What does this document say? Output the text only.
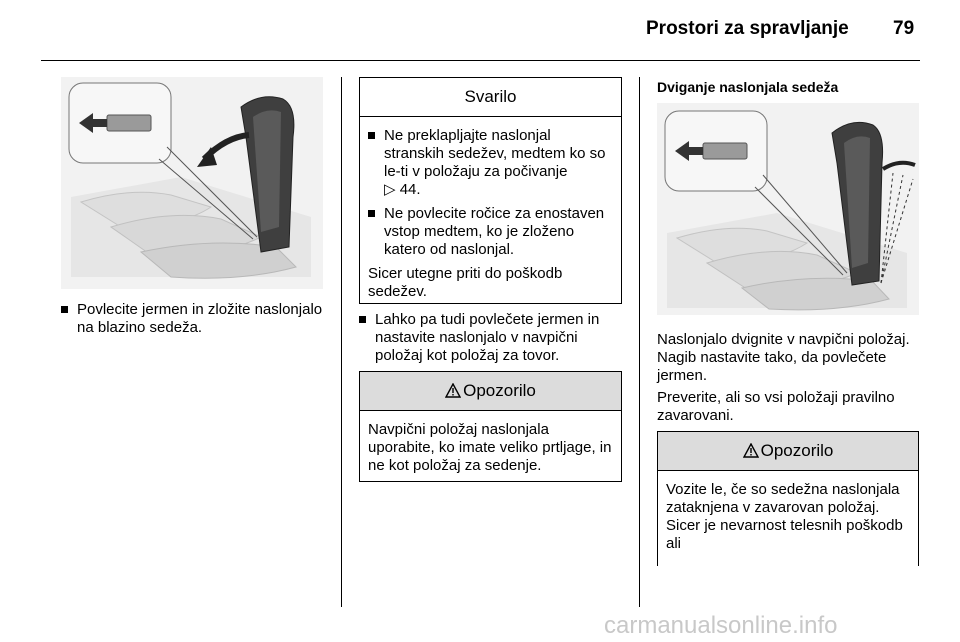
Prostori za spravljanje 79
Povlecite jermen in zložite naslonjalo na blazino sedeža.
Svarilo
Ne preklapljajte naslonjal stranskih sedežev, medtem ko so le-ti v položaju za počivanje
▷ 44.
Ne povlecite ročice za enostaven vstop medtem, ko je zloženo katero od naslonjal.
Sicer utegne priti do poškodb sedežev.
Lahko pa tudi povlečete jermen in nastavite naslonjalo v navpični položaj kot položaj za tovor.
Opozorilo
Navpični položaj naslonjala uporabite, ko imate veliko prtljage, in ne kot položaj za sedenje.
Dviganje naslonjala sedeža
Naslonjalo dvignite v navpični položaj. Nagib nastavite tako, da povlečete jermen.
Preverite, ali so vsi položaji pravilno zavarovani.
Opozorilo
Vozite le, če so sedežna naslonjala zataknjena v zavarovan položaj. Sicer je nevarnost telesnih poškodb ali
carmanualsonline.info
